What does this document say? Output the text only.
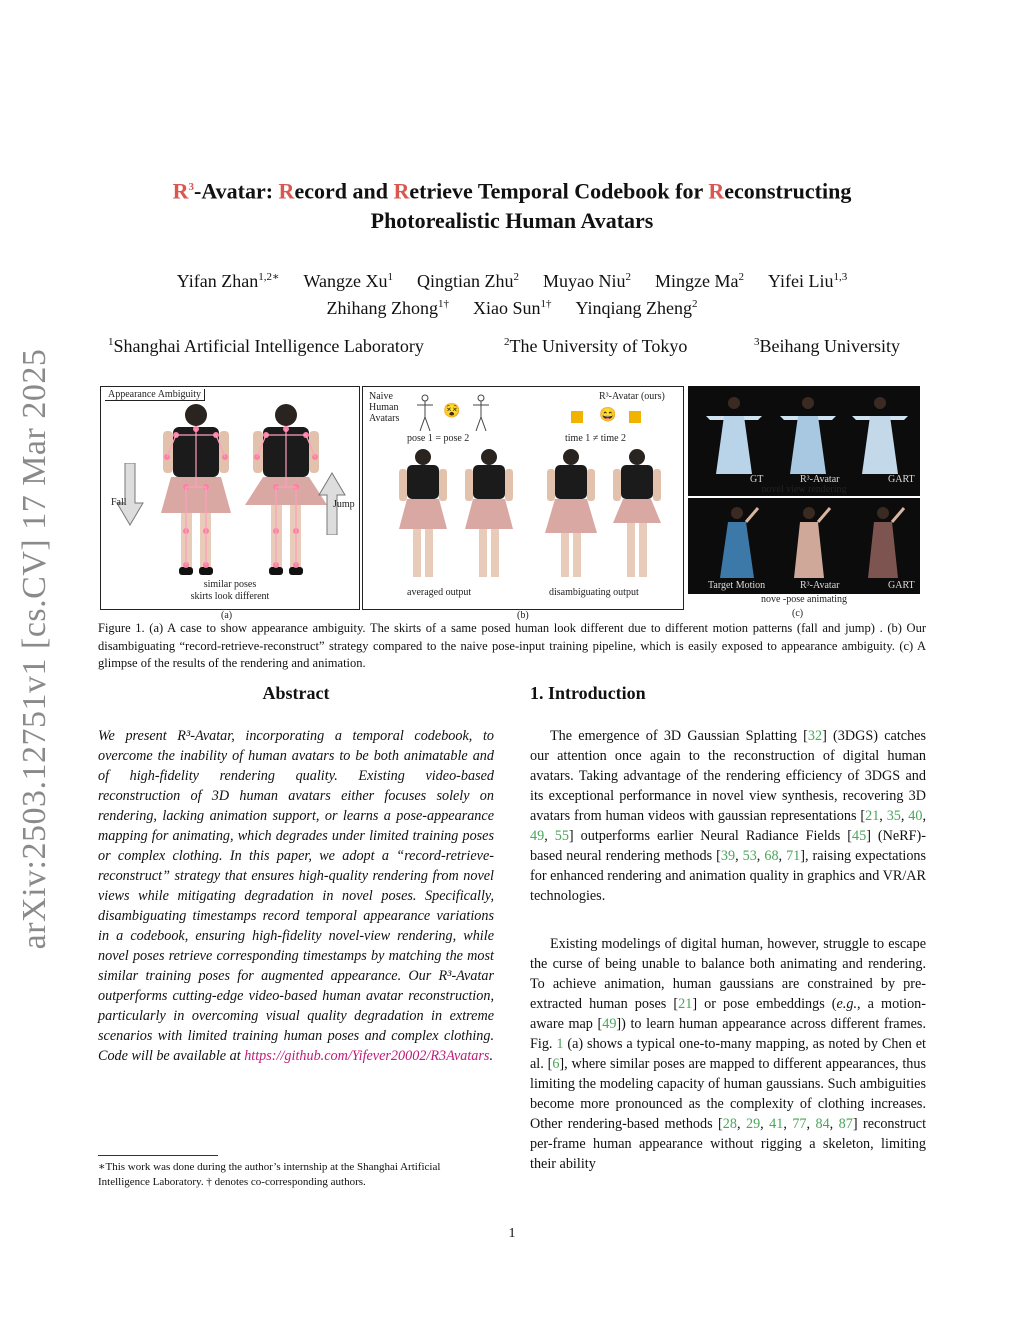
arXiv:2503.12751v1 [cs.CV] 17 Mar 2025
$R^3$-Avatar: Record and Retrieve Temporal Codebook for Reconstructing
Photorealistic Human Avatars
Yifan Zhan$^{1,2∗}$ Wangze Xu$^1$ Qingtian Zhu$^2$ Muyao Niu$^2$ Mingze Ma$^2$ Yifei Liu$^{1,3}$
Zhihang Zhong$^{1\dagger}$ Xiao Sun$^{1\dagger}$ Yinqiang Zheng$^2$
$^1$Shanghai Artificial Intelligence Laboratory	$^2$The University of Tokyo	$^3$Beihang University
Appearance Ambiguity
Fall	Jump
similar poses
skirts look different
(a)
Naive
Human
Avatars	😵
pose 1 = pose 2
R³-Avatar (ours)
😄
time 1 ≠ time 2
averaged output	disambiguating output
(b)
GT	R³-Avatar	GART
novel view rendering
Target Motion	R³-Avatar	GART
nove -pose animating
(c)
Figure 1. (a) A case to show appearance ambiguity. The skirts of a same posed human look different due to different motion patterns (fall and jump) . (b) Our disambiguating “record-retrieve-reconstruct” strategy compared to the naive pose-input training pipeline, which is easily exposed to appearance ambiguity. (c) A glimpse of the results of the rendering and animation.
Abstract
We present R³-Avatar, incorporating a temporal codebook, to overcome the inability of human avatars to be both animatable and of high-fidelity rendering quality. Existing video-based reconstruction of 3D human avatars either focuses solely on rendering, lacking animation support, or learns a pose-appearance mapping for animating, which degrades under limited training poses or complex clothing. In this paper, we adopt a “record-retrieve-reconstruct” strategy that ensures high-quality rendering from novel views while mitigating degradation in novel poses. Specifically, disambiguating timestamps record temporal appearance variations in a codebook, ensuring high-fidelity novel-view rendering, while novel poses retrieve corresponding timestamps by matching the most similar training poses for augmented appearance. Our R³-Avatar outperforms cutting-edge video-based human avatar reconstruction, particularly in overcoming visual quality degradation in extreme scenarios with limited training human poses and complex clothing. Code will be available at https://github.com/Yifever20002/R3Avatars.
∗This work was done during the author’s internship at the Shanghai Artificial Intelligence Laboratory. † denotes co-corresponding authors.
1. Introduction
The emergence of 3D Gaussian Splatting [32] (3DGS) catches our attention once again to the reconstruction of digital human avatars. Taking advantage of the rendering efficiency of 3DGS and its exceptional performance in novel view synthesis, recovering 3D avatars from human videos with gaussian representations [21, 35, 40, 49, 55] outperforms earlier Neural Radiance Fields [45] (NeRF)-based neural rendering methods [39, 53, 68, 71], raising expectations for enhanced rendering and animation quality in graphics and VR/AR technologies.
Existing modelings of digital human, however, struggle to escape the curse of being unable to balance both animating and rendering. To achieve animation, human gaussians are constrained by pre-extracted human poses [21] or pose embeddings (e.g., a motion-aware map [49]) to learn human appearance across different frames. Fig. 1 (a) shows a typical one-to-many mapping, as noted by Chen et al. [6], where similar poses are mapped to different appearances, thus limiting the modeling capacity of human gaussians. Such ambiguities become more pronounced as the complexity of clothing increases. Other rendering-based methods [28, 29, 41, 77, 84, 87] reconstruct per-frame human appearance without rigging a skeleton, limiting their ability
1
